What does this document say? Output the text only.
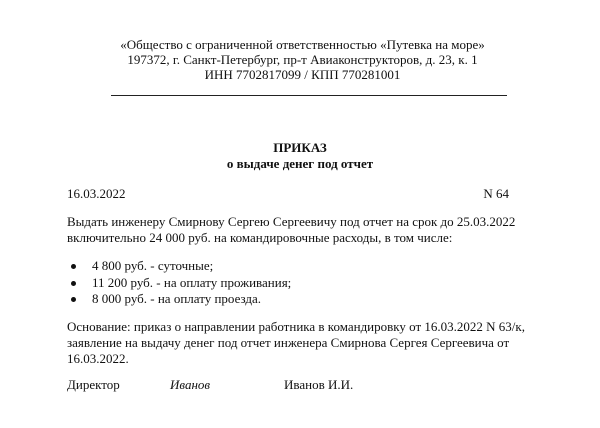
«Общество с ограниченной ответственностью «Путевка на море»
197372, г. Санкт-Петербург, пр-т Авиаконструкторов, д. 23, к. 1
ИНН 7702817099 / КПП 770281001
ПРИКАЗ
о выдаче денег под отчет
16.03.2022	N 64
Выдать инженеру Смирнову Сергею Сергеевичу под отчет на срок до 25.03.2022 включительно 24 000 руб. на командировочные расходы, в том числе:
4 800 руб. - суточные;
11 200 руб. - на оплату проживания;
8 000 руб. - на оплату проезда.
Основание: приказ о направлении работника в командировку от 16.03.2022 N 63/к, заявление на выдачу денег под отчет инженера Смирнова Сергея Сергеевича от 16.03.2022.
Директор	Иванов	Иванов И.И.
